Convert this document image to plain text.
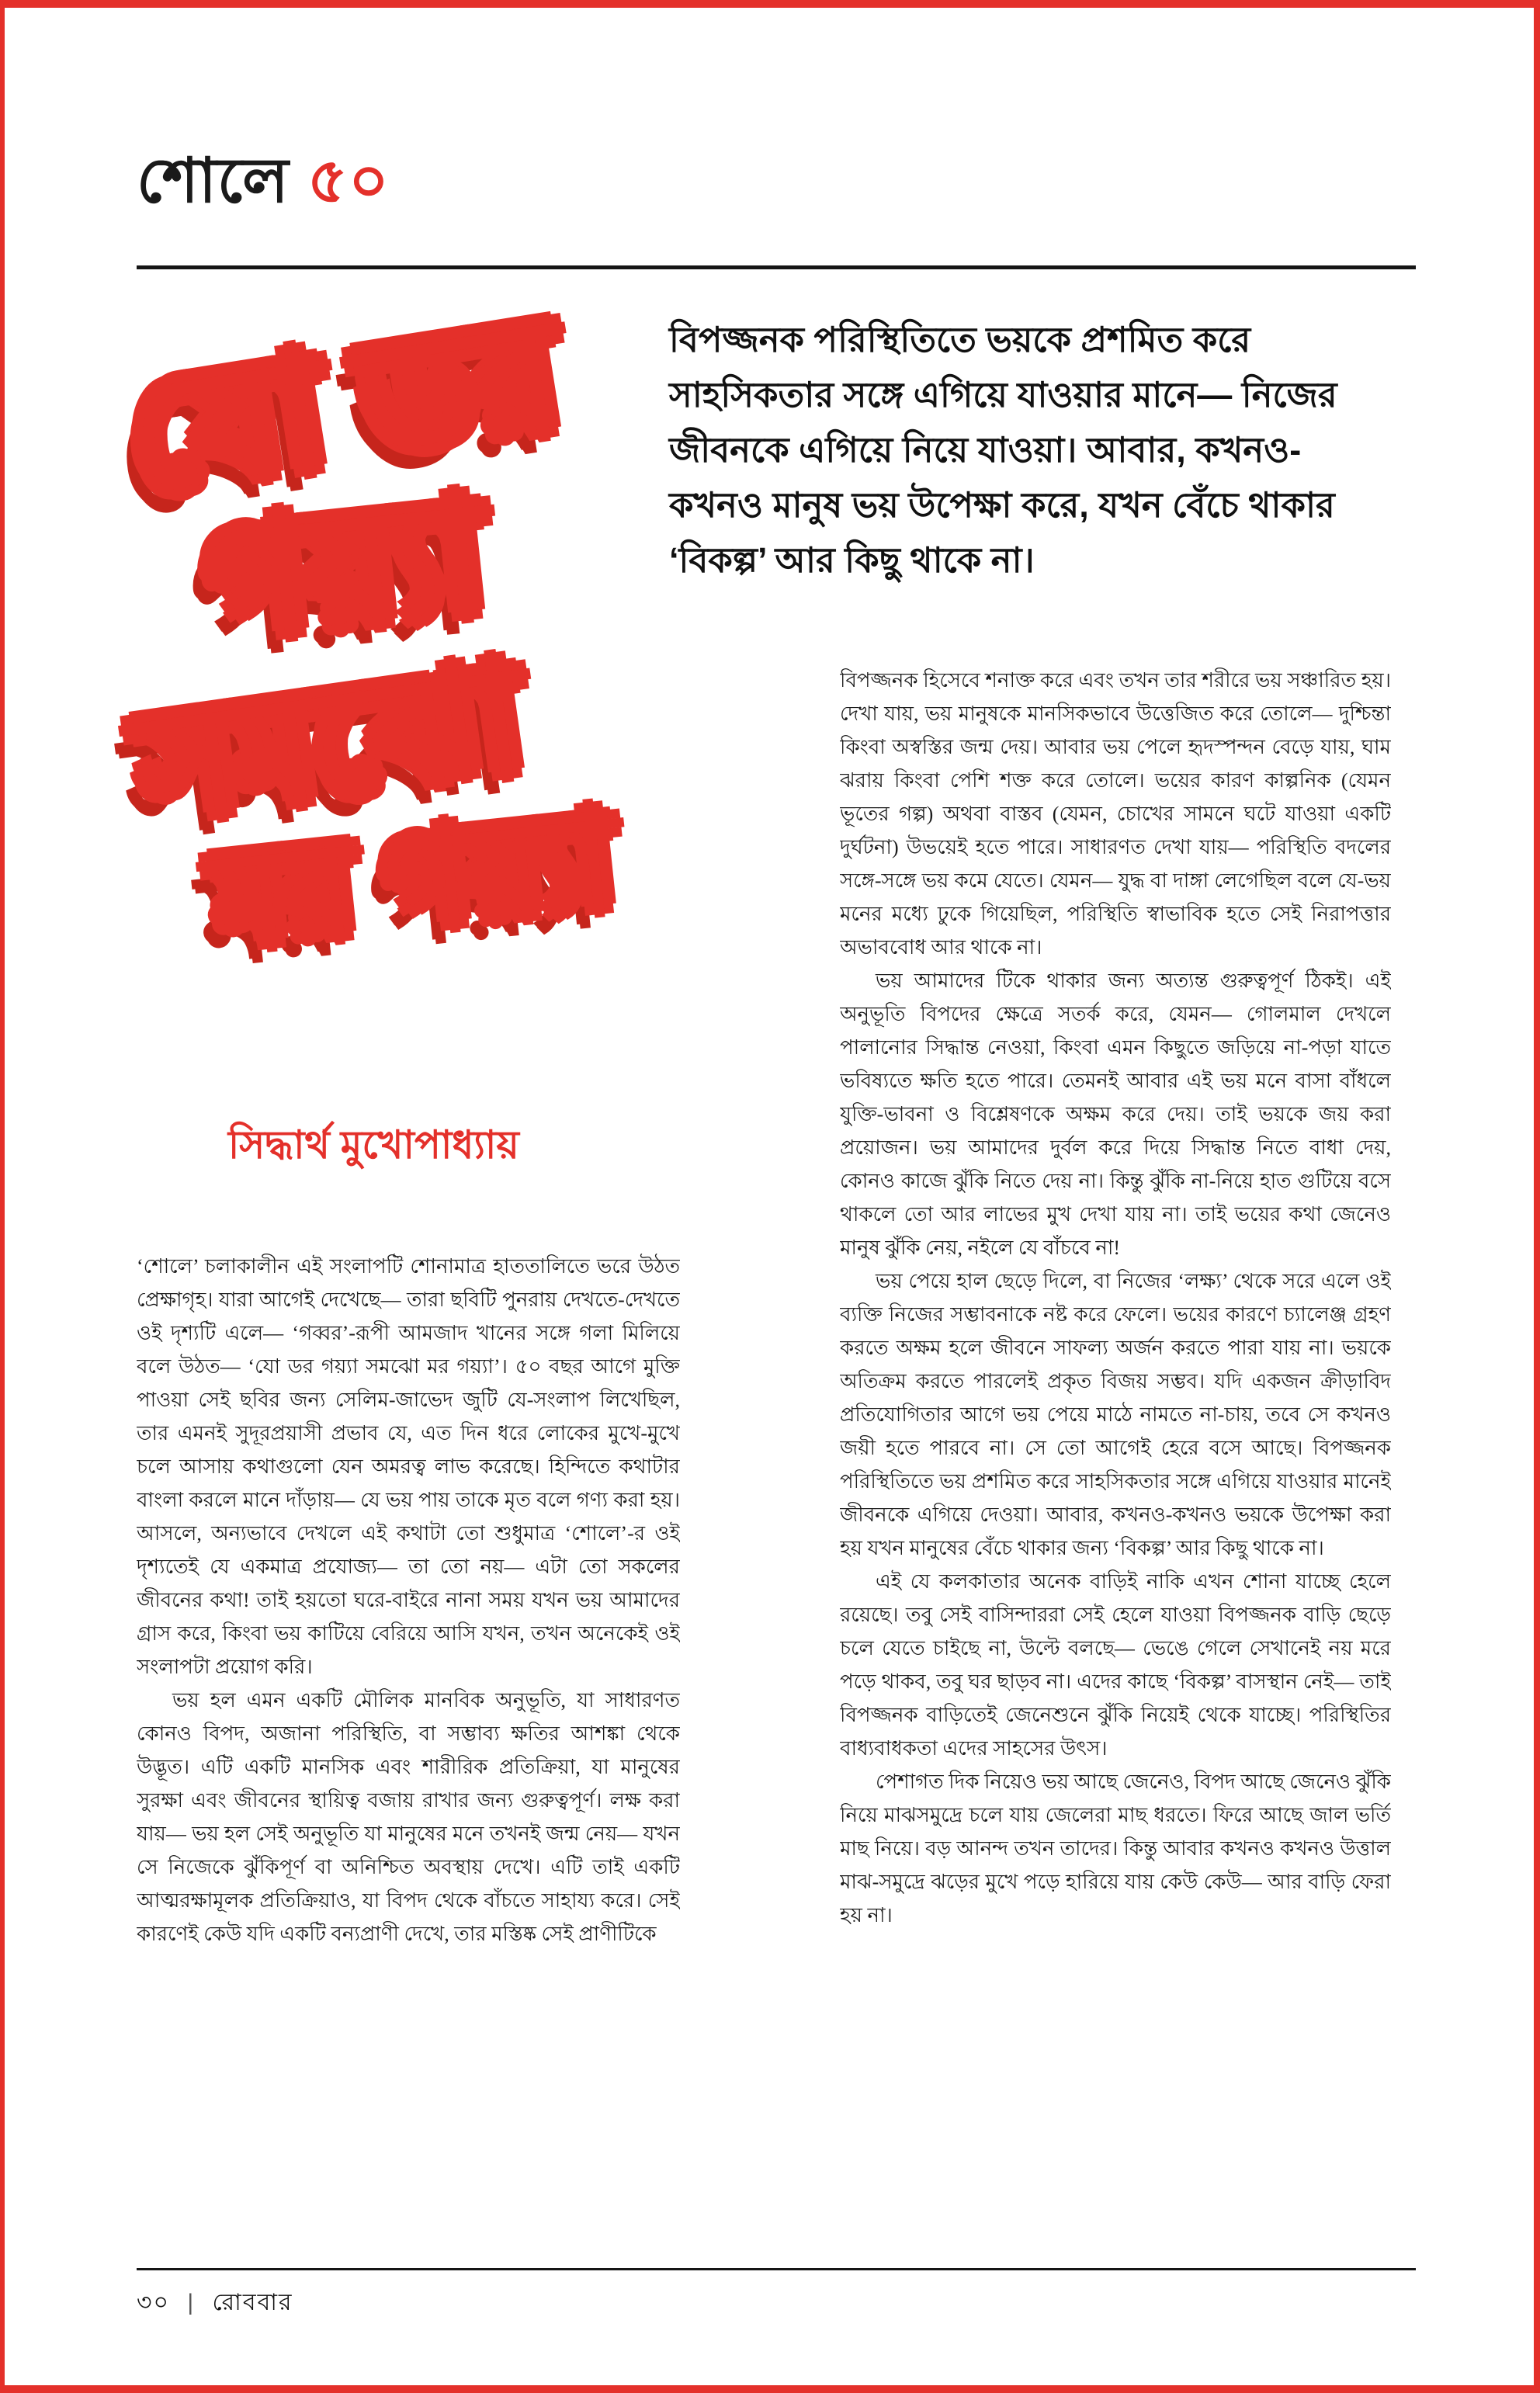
শোলে ৫০
যো ডর
গয়্যা
সমঝো
মর গয়্যা
বিপজ্জনক পরিস্থিতিতে ভয়কে প্রশমিত করে সাহসিকতার সঙ্গে এগিয়ে যাওয়ার মানে— নিজের জীবনকে এগিয়ে নিয়ে যাওয়া। আবার, কখনও-কখনও মানুষ ভয় উপেক্ষা করে, যখন বেঁচে থাকার ‘বিকল্প’ আর কিছু থাকে না।
সিদ্ধার্থ মুখোপাধ্যায়

‘শোলে’ চলাকালীন এই সংলাপটি শোনামাত্র হাততালিতে ভরে উঠত প্রেক্ষাগৃহ। যারা আগেই দেখেছে— তারা ছবিটি পুনরায় দেখতে-দেখতে ওই দৃশ্যটি এলে— ‘গব্বর’-রূপী আমজাদ খানের সঙ্গে গলা মিলিয়ে বলে উঠত— ‘যো ডর গয়্যা সমঝো মর গয়্যা’। ৫০ বছর আগে মুক্তি পাওয়া সেই ছবির জন্য সেলিম-জাভেদ জুটি যে-সংলাপ লিখেছিল, তার এমনই সুদূরপ্রয়াসী প্রভাব যে, এত দিন ধরে লোকের মুখে-মুখে চলে আসায় কথাগুলো যেন অমরত্ব লাভ করেছে। হিন্দিতে কথাটার বাংলা করলে মানে দাঁড়ায়— যে ভয় পায় তাকে মৃত বলে গণ্য করা হয়। আসলে, অন্যভাবে দেখলে এই কথাটা তো শুধুমাত্র ‘শোলে’-র ওই দৃশ্যতেই যে একমাত্র প্রযোজ্য— তা তো নয়— এটা তো সকলের জীবনের কথা! তাই হয়তো ঘরে-বাইরে নানা সময় যখন ভয় আমাদের গ্রাস করে, কিংবা ভয় কাটিয়ে বেরিয়ে আসি যখন, তখন অনেকেই ওই সংলাপটা প্রয়োগ করি।

ভয় হল এমন একটি মৌলিক মানবিক অনুভূতি, যা সাধারণত কোনও বিপদ, অজানা পরিস্থিতি, বা সম্ভাব্য ক্ষতির আশঙ্কা থেকে উদ্ভূত। এটি একটি মানসিক এবং শারীরিক প্রতিক্রিয়া, যা মানুষের সুরক্ষা এবং জীবনের স্থায়িত্ব বজায় রাখার জন্য গুরুত্বপূর্ণ। লক্ষ করা যায়— ভয় হল সেই অনুভূতি যা মানুষের মনে তখনই জন্ম নেয়— যখন সে নিজেকে ঝুঁকিপূর্ণ বা অনিশ্চিত অবস্থায় দেখে। এটি তাই একটি আত্মরক্ষামূলক প্রতিক্রিয়াও, যা বিপদ থেকে বাঁচতে সাহায্য করে। সেই কারণেই কেউ যদি একটি বন্যপ্রাণী দেখে, তার মস্তিষ্ক সেই প্রাণীটিকে

বিপজ্জনক হিসেবে শনাক্ত করে এবং তখন তার শরীরে ভয় সঞ্চারিত হয়। দেখা যায়, ভয় মানুষকে মানসিকভাবে উত্তেজিত করে তোলে— দুশ্চিন্তা কিংবা অস্বস্তির জন্ম দেয়। আবার ভয় পেলে হৃদস্পন্দন বেড়ে যায়, ঘাম ঝরায় কিংবা পেশি শক্ত করে তোলে। ভয়ের কারণ কাল্পনিক (যেমন ভূতের গল্প) অথবা বাস্তব (যেমন, চোখের সামনে ঘটে যাওয়া একটি দুর্ঘটনা) উভয়েই হতে পারে। সাধারণত দেখা যায়— পরিস্থিতি বদলের সঙ্গে-সঙ্গে ভয় কমে যেতে। যেমন— যুদ্ধ বা দাঙ্গা লেগেছিল বলে যে-ভয় মনের মধ্যে ঢুকে গিয়েছিল, পরিস্থিতি স্বাভাবিক হতে সেই নিরাপত্তার অভাববোধ আর থাকে না।

ভয় আমাদের টিকে থাকার জন্য অত্যন্ত গুরুত্বপূর্ণ ঠিকই। এই অনুভূতি বিপদের ক্ষেত্রে সতর্ক করে, যেমন— গোলমাল দেখলে পালানোর সিদ্ধান্ত নেওয়া, কিংবা এমন কিছুতে জড়িয়ে না-পড়া যাতে ভবিষ্যতে ক্ষতি হতে পারে। তেমনই আবার এই ভয় মনে বাসা বাঁধলে যুক্তি-ভাবনা ও বিশ্লেষণকে অক্ষম করে দেয়। তাই ভয়কে জয় করা প্রয়োজন। ভয় আমাদের দুর্বল করে দিয়ে সিদ্ধান্ত নিতে বাধা দেয়, কোনও কাজে ঝুঁকি নিতে দেয় না। কিন্তু ঝুঁকি না-নিয়ে হাত গুটিয়ে বসে থাকলে তো আর লাভের মুখ দেখা যায় না। তাই ভয়ের কথা জেনেও মানুষ ঝুঁকি নেয়, নইলে যে বাঁচবে না!

ভয় পেয়ে হাল ছেড়ে দিলে, বা নিজের ‘লক্ষ্য’ থেকে সরে এলে ওই ব্যক্তি নিজের সম্ভাবনাকে নষ্ট করে ফেলে। ভয়ের কারণে চ্যালেঞ্জ গ্রহণ করতে অক্ষম হলে জীবনে সাফল্য অর্জন করতে পারা যায় না। ভয়কে অতিক্রম করতে পারলেই প্রকৃত বিজয় সম্ভব। যদি একজন ক্রীড়াবিদ প্রতিযোগিতার আগে ভয় পেয়ে মাঠে নামতে না-চায়, তবে সে কখনও জয়ী হতে পারবে না। সে তো আগেই হেরে বসে আছে। বিপজ্জনক পরিস্থিতিতে ভয় প্রশমিত করে সাহসিকতার সঙ্গে এগিয়ে যাওয়ার মানেই জীবনকে এগিয়ে দেওয়া। আবার, কখনও-কখনও ভয়কে উপেক্ষা করা হয় যখন মানুষের বেঁচে থাকার জন্য ‘বিকল্প’ আর কিছু থাকে না।

এই যে কলকাতার অনেক বাড়িই নাকি এখন শোনা যাচ্ছে হেলে রয়েছে। তবু সেই বাসিন্দাররা সেই হেলে যাওয়া বিপজ্জনক বাড়ি ছেড়ে চলে যেতে চাইছে না, উল্টে বলছে— ভেঙে গেলে সেখানেই নয় মরে পড়ে থাকব, তবু ঘর ছাড়ব না। এদের কাছে ‘বিকল্প’ বাসস্থান নেই— তাই বিপজ্জনক বাড়িতেই জেনেশুনে ঝুঁকি নিয়েই থেকে যাচ্ছে। পরিস্থিতির বাধ্যবাধকতা এদের সাহসের উৎস।

পেশাগত দিক নিয়েও ভয় আছে জেনেও, বিপদ আছে জেনেও ঝুঁকি নিয়ে মাঝসমুদ্রে চলে যায় জেলেরা মাছ ধরতে। ফিরে আছে জাল ভর্তি মাছ নিয়ে। বড় আনন্দ তখন তাদের। কিন্তু আবার কখনও কখনও উত্তাল মাঝ-সমুদ্রে ঝড়ের মুখে পড়ে হারিয়ে যায় কেউ কেউ— আর বাড়ি ফেরা হয় না।

৩০ | রোববার
